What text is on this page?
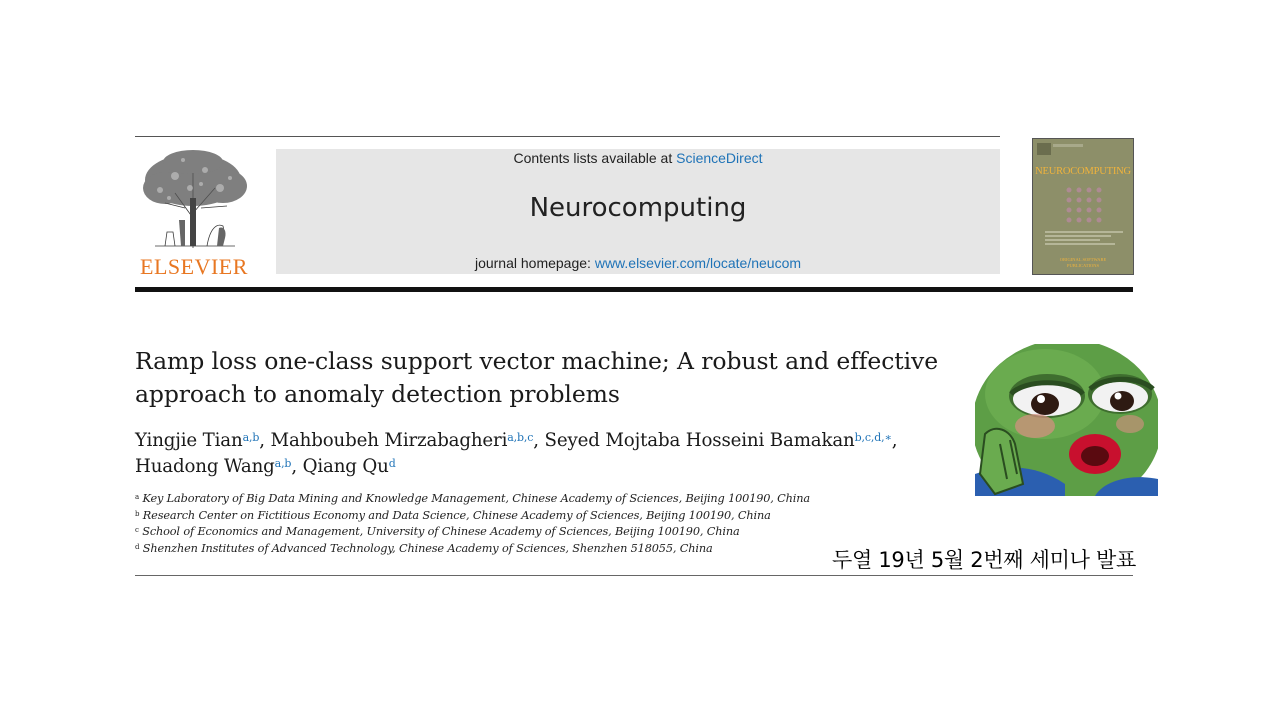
ELSEVIER
Contents lists available at ScienceDirect
Neurocomputing
journal homepage: www.elsevier.com/locate/neucom
NEUROCOMPUTING
ORIGINAL SOFTWARE
PUBLICATIONS
Ramp loss one-class support vector machine; A robust and effective
approach to anomaly detection problems
Yingjie Tian$^{a,b}$, Mahboubeh Mirzabagheri$^{a,b,c}$, Seyed Mojtaba Hosseini Bamakan$^{b,c,d,∗}$,
Huadong Wang$^{a,b}$, Qiang Qu$^d$
$^a$ Key Laboratory of Big Data Mining and Knowledge Management, Chinese Academy of Sciences, Beijing 100190, China
$^b$ Research Center on Fictitious Economy and Data Science, Chinese Academy of Sciences, Beijing 100190, China
$^c$ School of Economics and Management, University of Chinese Academy of Sciences, Beijing 100190, China
$^d$ Shenzhen Institutes of Advanced Technology, Chinese Academy of Sciences, Shenzhen 518055, China	두열 19년 5월 2번째 세미나 발표
